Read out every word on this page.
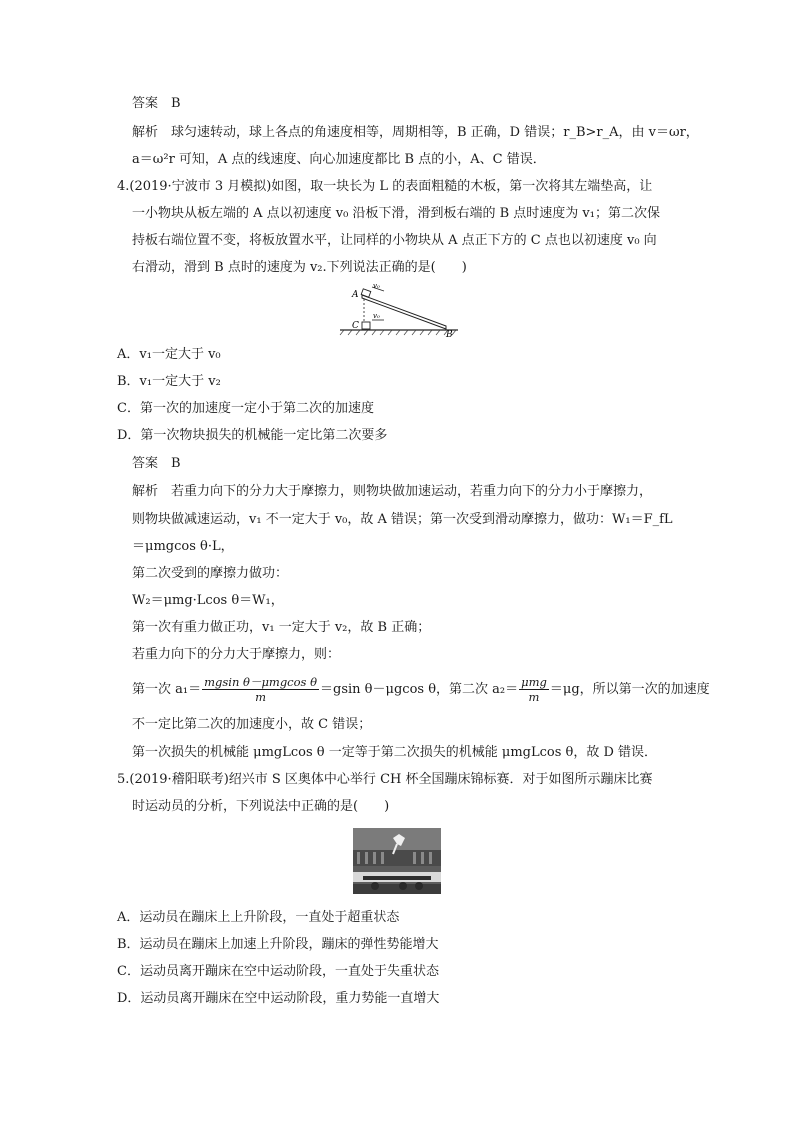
答案　B
解析　球匀速转动，球上各点的角速度相等，周期相等，B 正确，D 错误；r_B>r_A，由 v＝ωr，
a＝ω²r 可知，A 点的线速度、向心加速度都比 B 点的小，A、C 错误．
4.(2019·宁波市 3 月模拟)如图，取一块长为 L 的表面粗糙的木板，第一次将其左端垫高，让
一小物块从板左端的 A 点以初速度 v₀ 沿板下滑，滑到板右端的 B 点时速度为 v₁；第二次保
持板右端位置不变，将板放置水平，让同样的小物块从 A 点正下方的 C 点也以初速度 v₀ 向
右滑动，滑到 B 点时的速度为 v₂.下列说法正确的是(　　)
A
C
B
v₀
v₀
A．v₁一定大于 v₀
B．v₁一定大于 v₂
C．第一次的加速度一定小于第二次的加速度
D．第一次物块损失的机械能一定比第二次要多
答案　B
解析　若重力向下的分力大于摩擦力，则物块做加速运动，若重力向下的分力小于摩擦力，
则物块做减速运动，v₁ 不一定大于 v₀，故 A 错误；第一次受到滑动摩擦力，做功：W₁＝F_fL
＝μmgcos θ·L，
第二次受到的摩擦力做功：
W₂＝μmg·Lcos θ＝W₁，
第一次有重力做正功，v₁ 一定大于 v₂，故 B 正确；
若重力向下的分力大于摩擦力，则：
第一次 $a_1= \frac{\text{mgsin θ－μmgcos θ}}{m} =gsin$ θ－μgcos θ，第二次 $a_2= \frac{\text{μmg}}{m} =\mu g$，所以第一次的加速度
不一定比第二次的加速度小，故 C 错误；
第一次损失的机械能 μmgLcos θ 一定等于第二次损失的机械能 μmgLcos θ，故 D 错误．
5.(2019·稽阳联考)绍兴市 S 区奥体中心举行 CH 杯全国蹦床锦标赛．对于如图所示蹦床比赛
时运动员的分析，下列说法中正确的是(　　)
A．运动员在蹦床上上升阶段，一直处于超重状态
B．运动员在蹦床上加速上升阶段，蹦床的弹性势能增大
C．运动员离开蹦床在空中运动阶段，一直处于失重状态
D．运动员离开蹦床在空中运动阶段，重力势能一直增大
